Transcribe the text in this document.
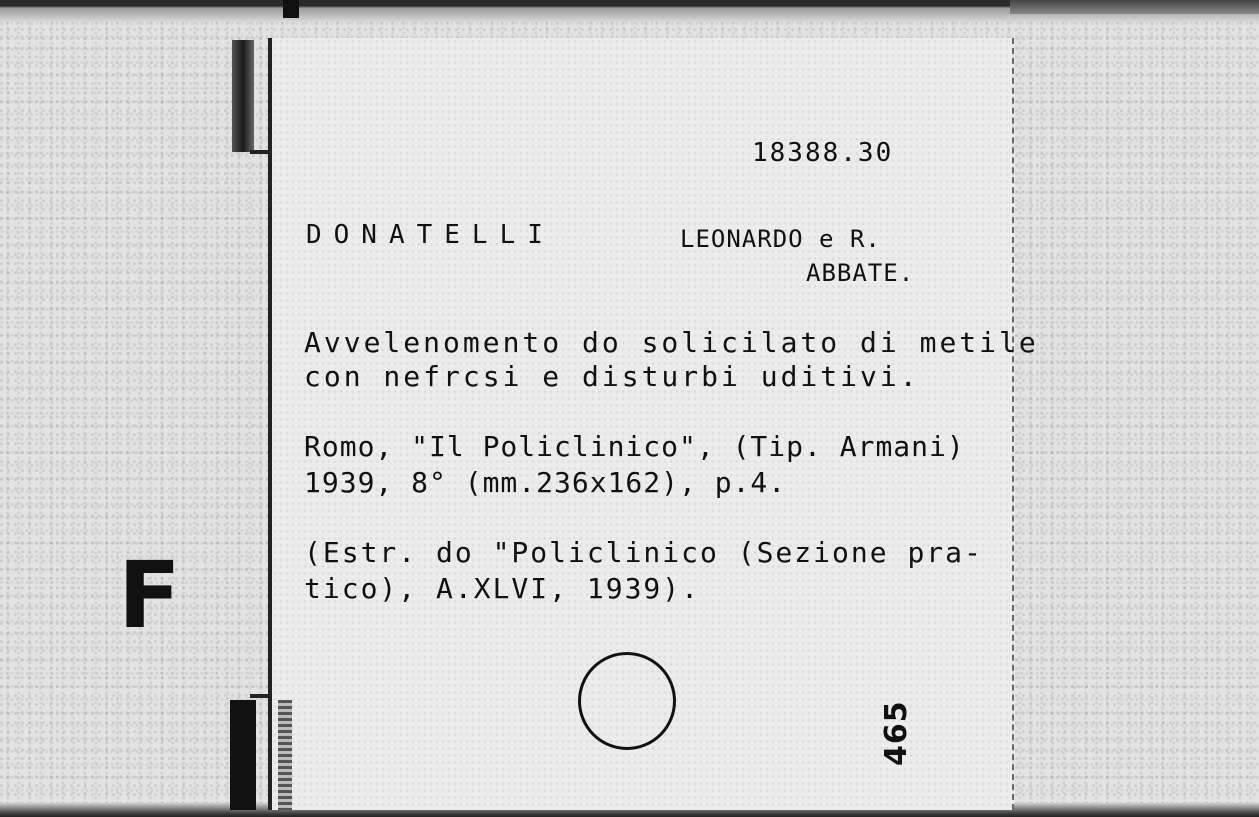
F
18388.30
DONATELLI	LEONARDO e R.
ABBATE.
Avvelenomento do solicilato di metile
con nefrcsi e disturbi uditivi.
Romo, "Il Policlinico", (Tip. Armani)
1939, 8° (mm.236x162), p.4.
(Estr. do "Policlinico (Sezione pra-
tico), A.XLVI, 1939).
465
